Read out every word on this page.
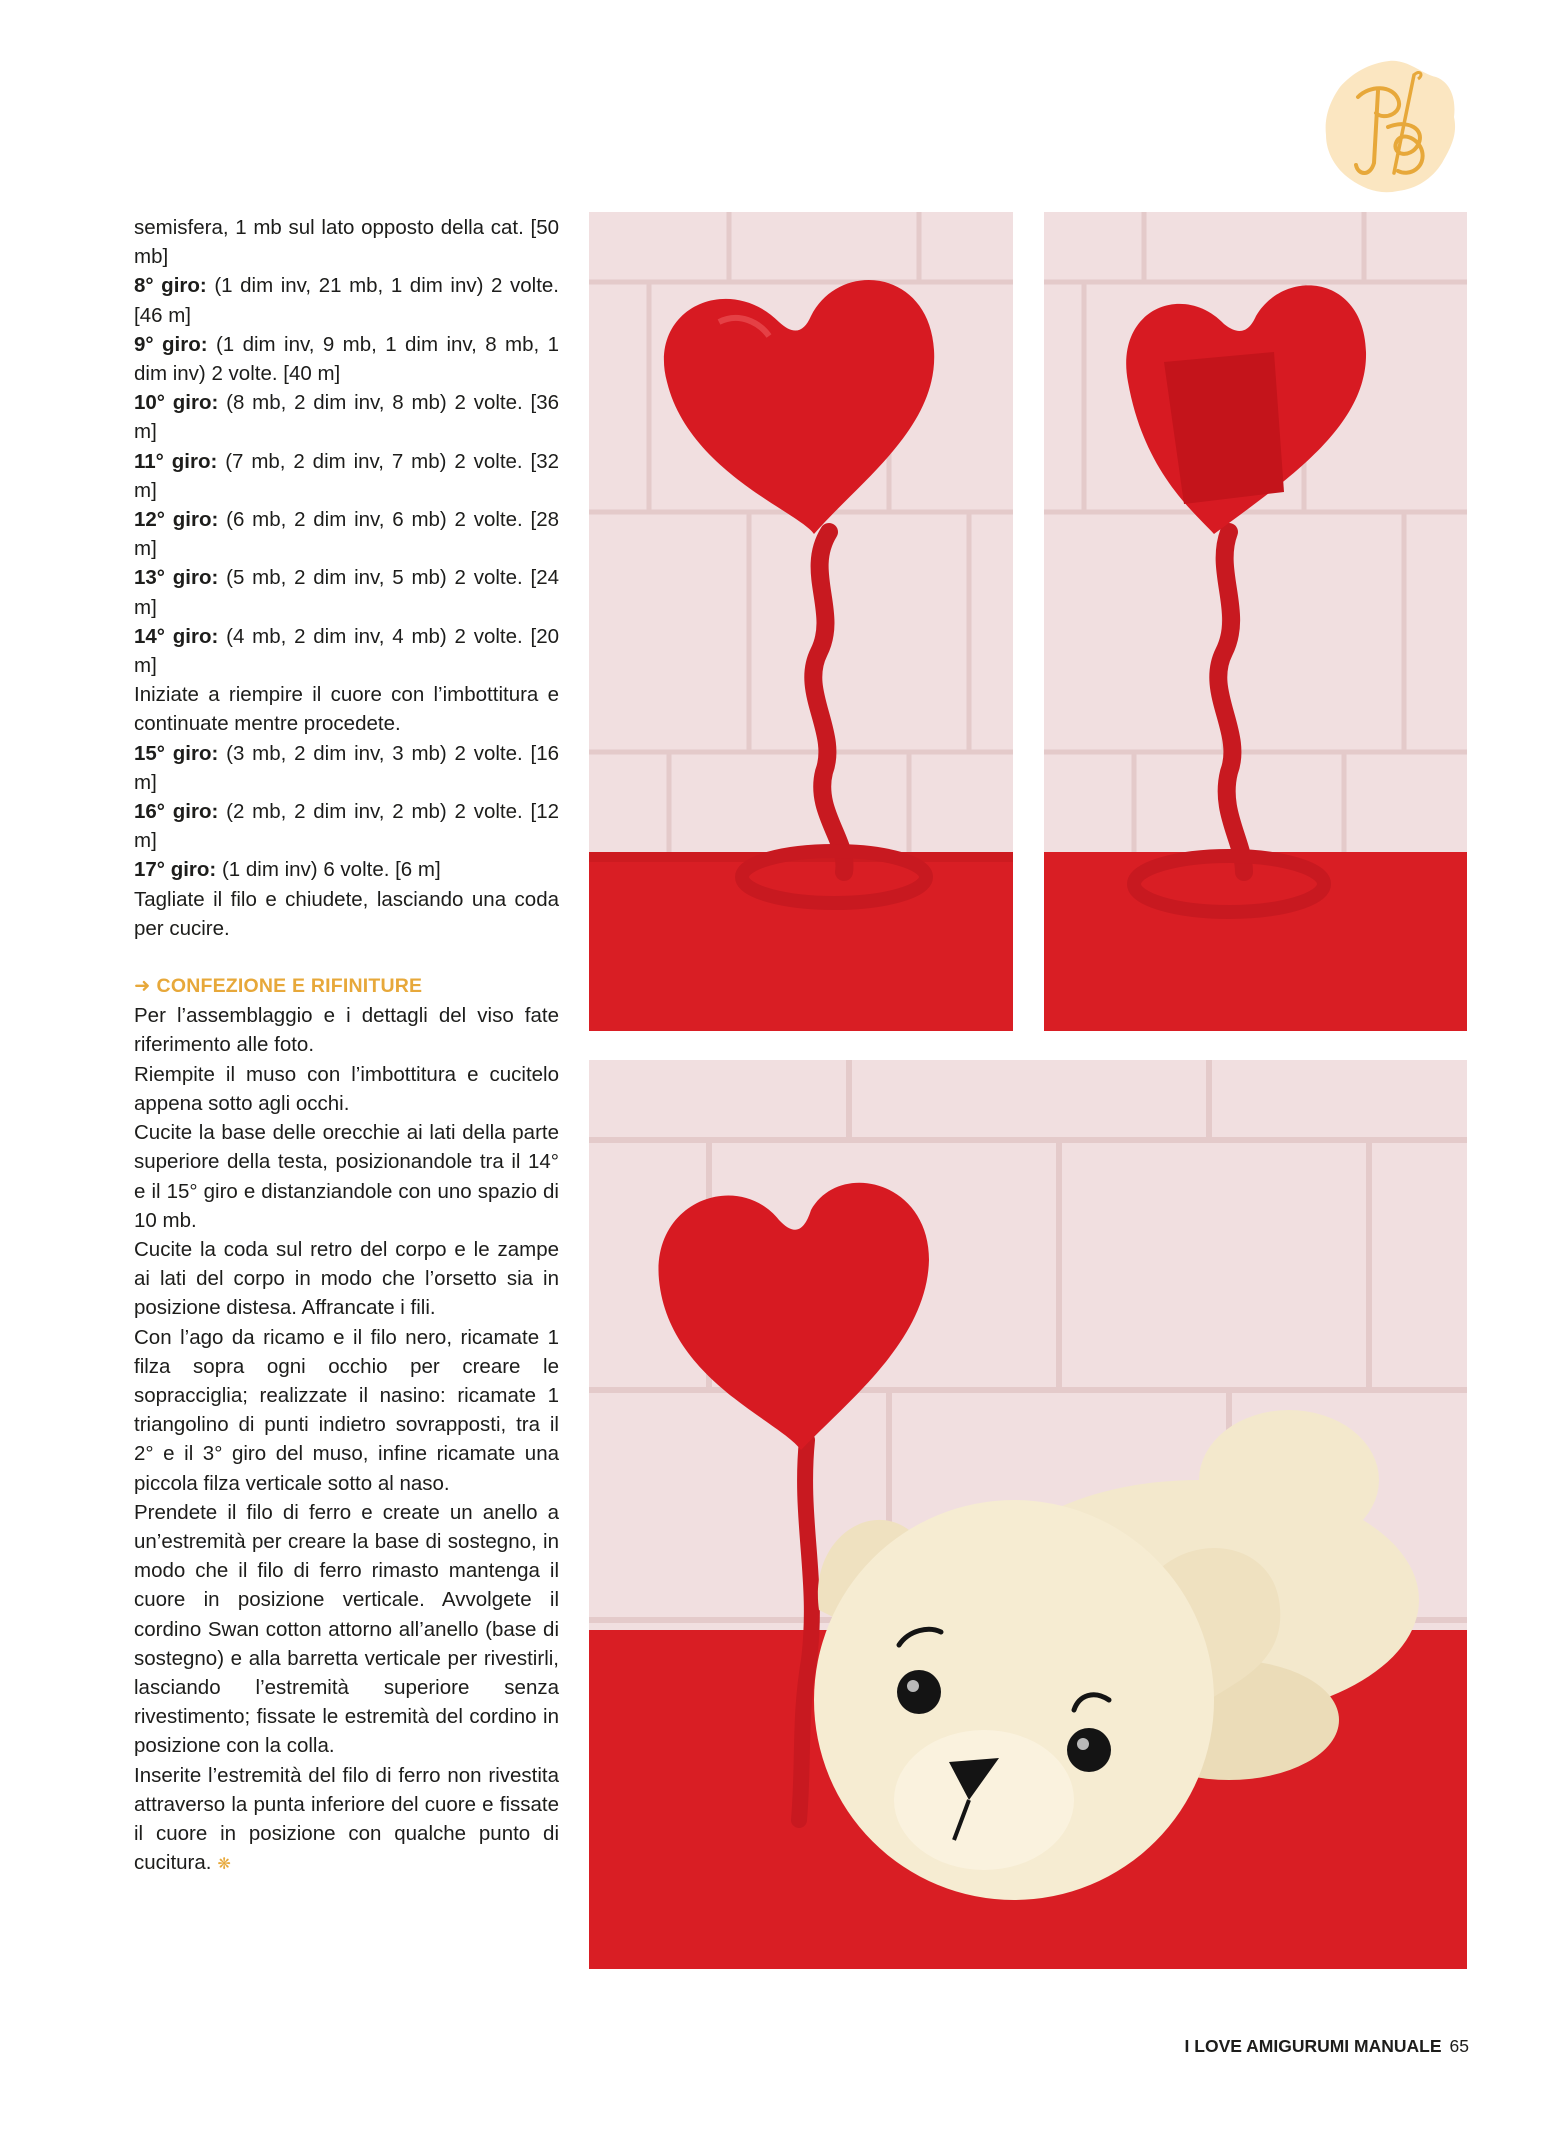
semisfera, 1 mb sul lato opposto della cat. [50 mb]

8° giro: (1 dim inv, 21 mb, 1 dim inv) 2 volte. [46 m]

9° giro: (1 dim inv, 9 mb, 1 dim inv, 8 mb, 1 dim inv) 2 volte. [40 m]

10° giro: (8 mb, 2 dim inv, 8 mb) 2 volte. [36 m]

11° giro: (7 mb, 2 dim inv, 7 mb) 2 volte. [32 m]

12° giro: (6 mb, 2 dim inv, 6 mb) 2 volte. [28 m]

13° giro: (5 mb, 2 dim inv, 5 mb) 2 volte. [24 m]

14° giro: (4 mb, 2 dim inv, 4 mb) 2 volte. [20 m]

Iniziate a riempire il cuore con l’imbottitura e continuate mentre procedete.

15° giro: (3 mb, 2 dim inv, 3 mb) 2 volte. [16 m]

16° giro: (2 mb, 2 dim inv, 2 mb) 2 volte. [12 m]

17° giro: (1 dim inv) 6 volte. [6 m]

Tagliate il filo e chiudete, lasciando una coda per cucire.

➜ CONFEZIONE E RIFINITURE

Per l’assemblaggio e i dettagli del viso fate riferimento alle foto.

Riempite il muso con l’imbottitura e cucitelo appena sotto agli occhi.

Cucite la base delle orecchie ai lati della parte superiore della testa, posizionandole tra il 14° e il 15° giro e distanziandole con uno spazio di 10 mb.

Cucite la coda sul retro del corpo e le zampe ai lati del corpo in modo che l’orsetto sia in posizione distesa. Affrancate i fili.

Con l’ago da ricamo e il filo nero, ricamate 1 filza sopra ogni occhio per creare le sopracciglia; realizzate il nasino: ricamate 1 triangolino di punti indietro sovrapposti, tra il 2° e il 3° giro del muso, infine ricamate una piccola filza verticale sotto al naso.

Prendete il filo di ferro e create un anello a un’estremità per creare la base di sostegno, in modo che il filo di ferro rimasto mantenga il cuore in posizione verticale. Avvolgete il cordino Swan cotton attorno all’anello (base di sostegno) e alla barretta verticale per rivestirli, lasciando l’estremità superiore senza rivestimento; fissate le estremità del cordino in posizione con la colla.

Inserite l’estremità del filo di ferro non rivestita attraverso la punta inferiore del cuore e fissate il cuore in posizione con qualche punto di cucitura. ❋

I LOVE AMIGURUMI MANUALE 65
